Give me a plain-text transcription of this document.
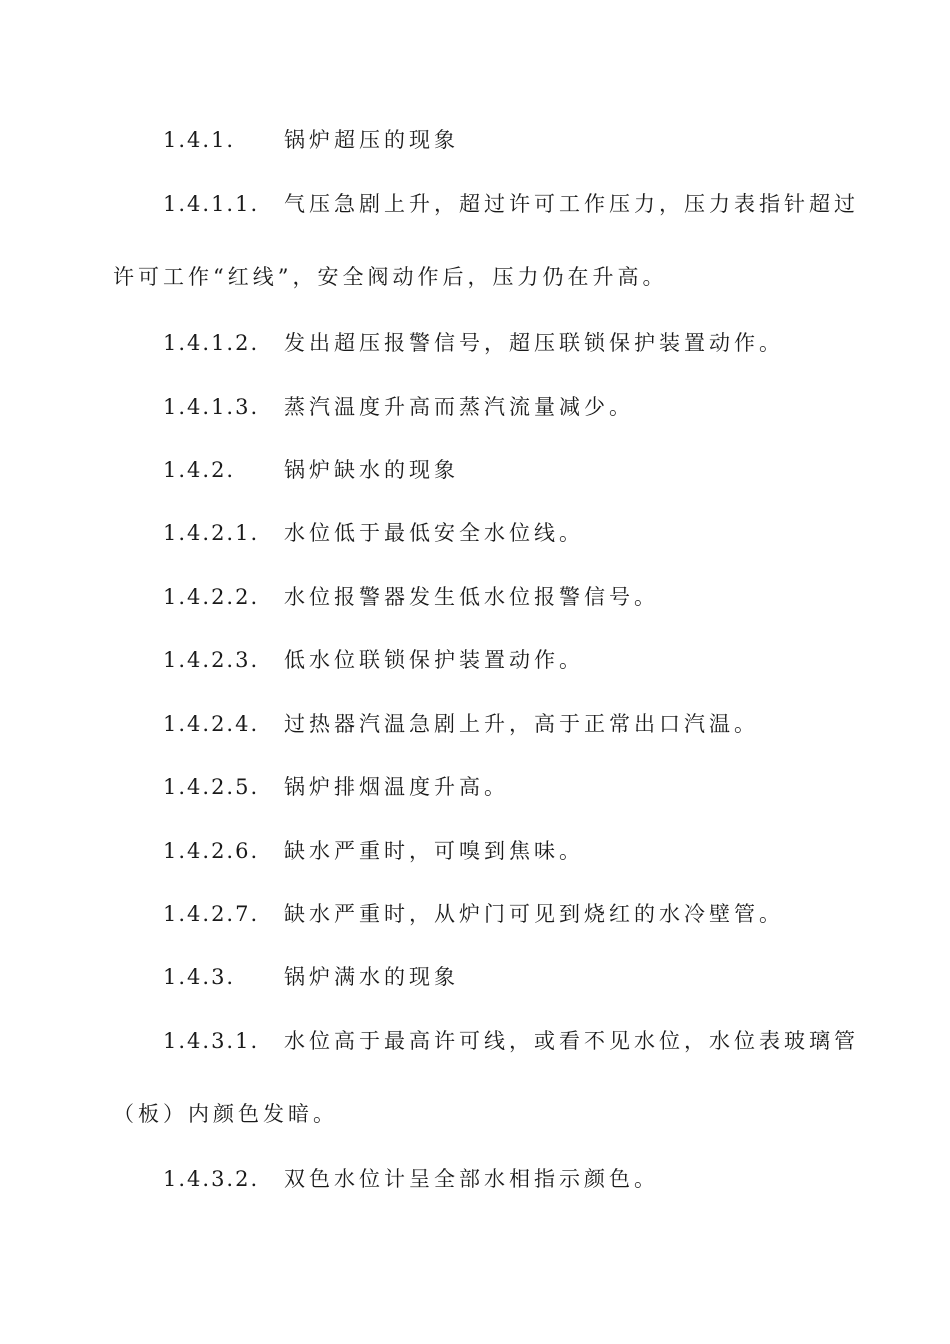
1.4.1. 锅炉超压的现象
1.4.1.1. 气压急剧上升，超过许可工作压力，压力表指针超过
许可工作“红线”，安全阀动作后，压力仍在升高。
1.4.1.2. 发出超压报警信号，超压联锁保护装置动作。
1.4.1.3. 蒸汽温度升高而蒸汽流量减少。
1.4.2. 锅炉缺水的现象
1.4.2.1. 水位低于最低安全水位线。
1.4.2.2. 水位报警器发生低水位报警信号。
1.4.2.3. 低水位联锁保护装置动作。
1.4.2.4. 过热器汽温急剧上升，高于正常出口汽温。
1.4.2.5. 锅炉排烟温度升高。
1.4.2.6. 缺水严重时，可嗅到焦味。
1.4.2.7. 缺水严重时，从炉门可见到烧红的水冷壁管。
1.4.3. 锅炉满水的现象
1.4.3.1. 水位高于最高许可线，或看不见水位，水位表玻璃管
（板）内颜色发暗。
1.4.3.2. 双色水位计呈全部水相指示颜色。
